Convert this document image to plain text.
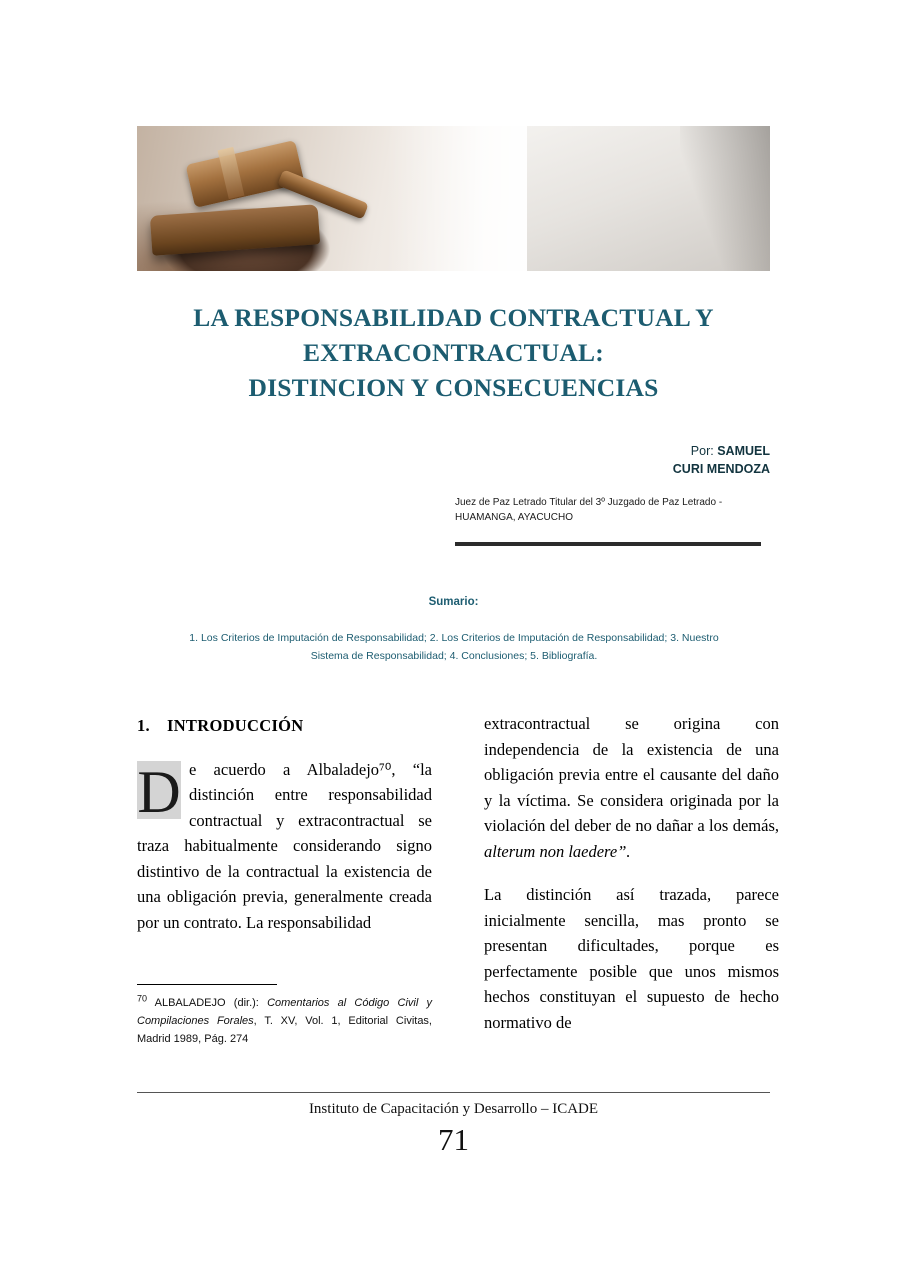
LA RESPONSABILIDAD CONTRACTUAL Y
EXTRACONTRACTUAL:
DISTINCION Y CONSECUENCIAS
Por: SAMUEL
CURI MENDOZA
Juez de Paz Letrado Titular del 3º Juzgado de Paz Letrado - HUAMANGA, AYACUCHO
Sumario:
1. Los Criterios de Imputación de Responsabilidad; 2. Los Criterios de Imputación de Responsabilidad; 3. Nuestro Sistema de Responsabilidad; 4. Conclusiones; 5. Bibliografía.
1. INTRODUCCIÓN

D e acuerdo a Albaladejo⁷⁰, “la distinción entre responsabilidad contractual y extracontractual se traza habitualmente considerando signo distintivo de la contractual la existencia de una obligación previa, generalmente creada por un contrato. La responsabilidad

$^{70}$ ALBALADEJO (dir.): Comentarios al Código Civil y Compilaciones Forales, T. XV, Vol. 1, Editorial Civitas, Madrid 1989, Pág. 274

extracontractual se origina con independencia de la existencia de una obligación previa entre el causante del daño y la víctima. Se considera originada por la violación del deber de no dañar a los demás, alterum non laedere”.

La distinción así trazada, parece inicialmente sencilla, mas pronto se presentan dificultades, porque es perfectamente posible que unos mismos hechos constituyan el supuesto de hecho normativo de

Instituto de Capacitación y Desarrollo – ICADE
71
